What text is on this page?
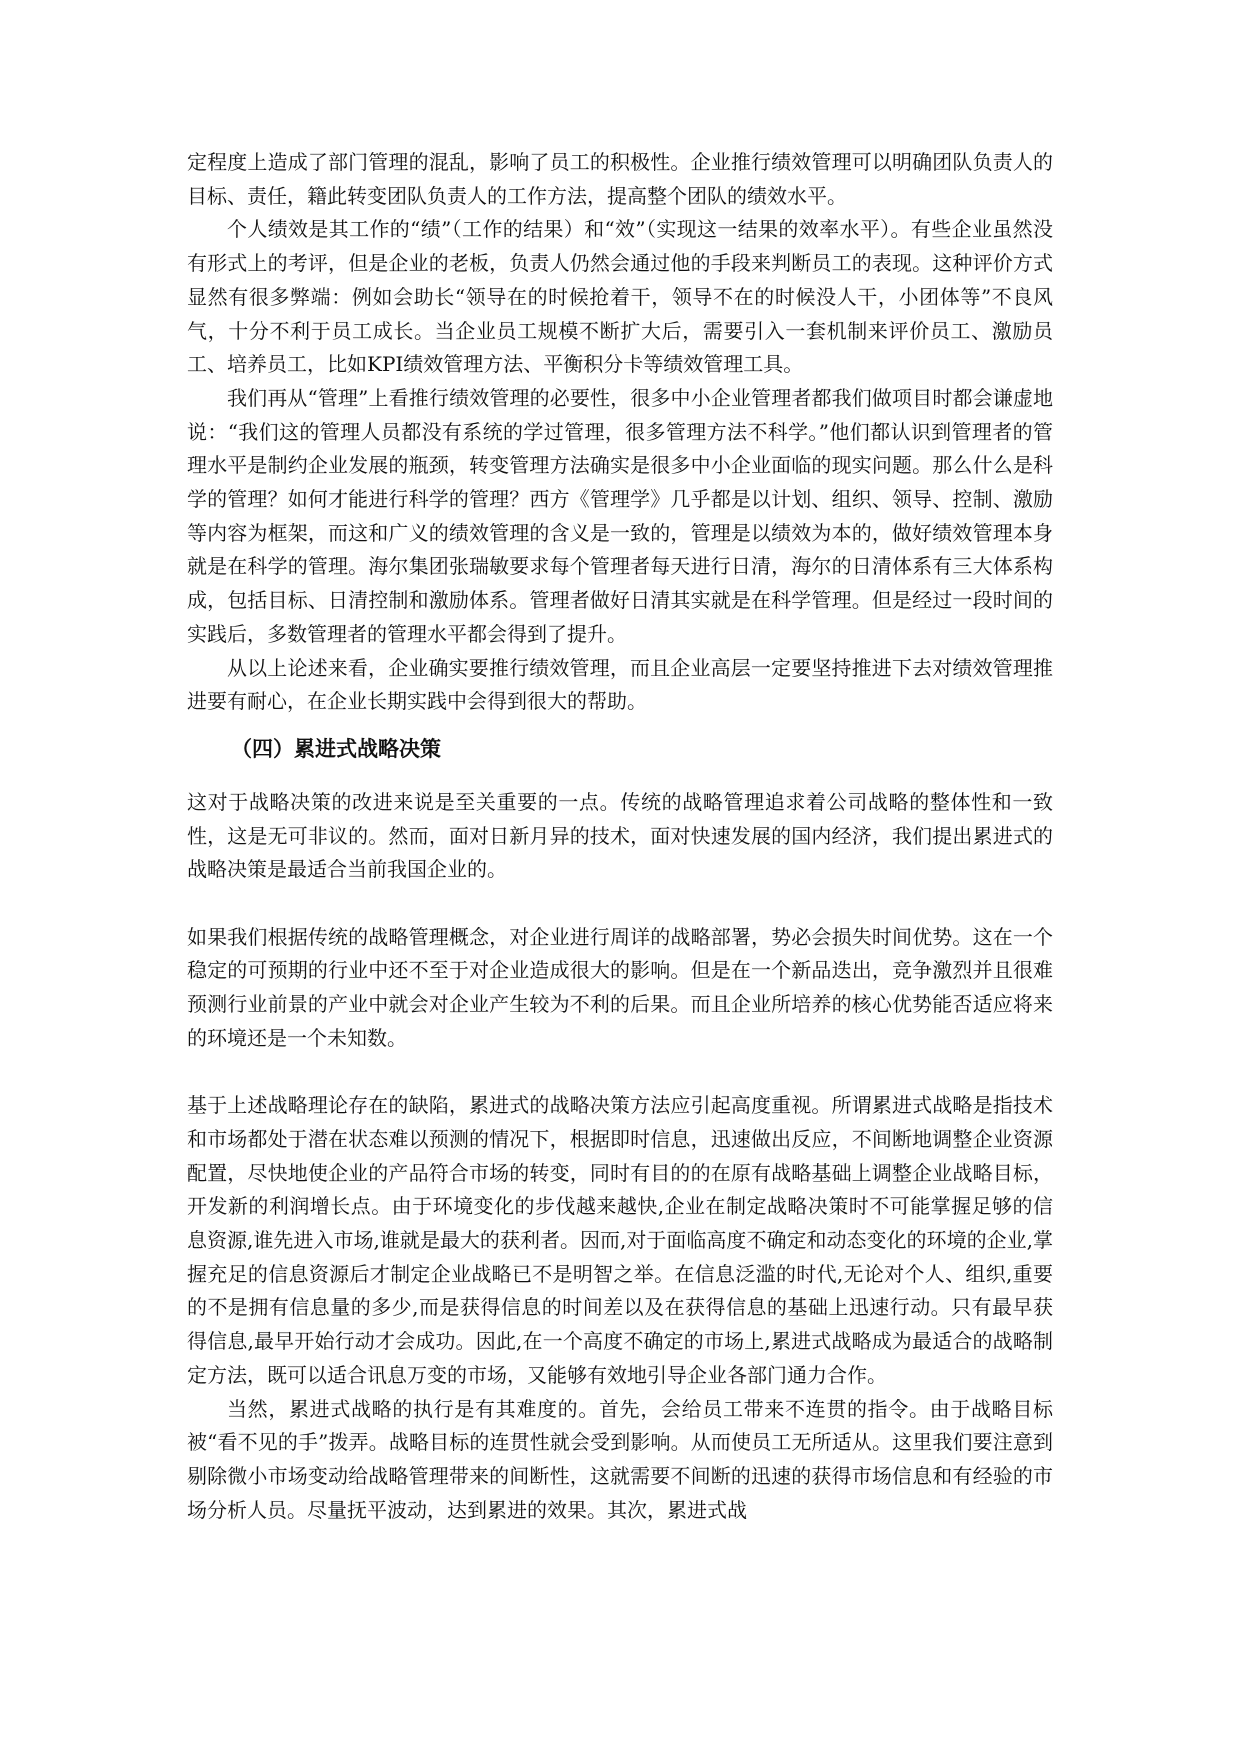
定程度上造成了部门管理的混乱，影响了员工的积极性。企业推行绩效管理可以明确团队负责人的目标、责任，籍此转变团队负责人的工作方法，提高整个团队的绩效水平。

个人绩效是其工作的“绩”（工作的结果）和“效”（实现这一结果的效率水平）。有些企业虽然没有形式上的考评，但是企业的老板，负责人仍然会通过他的手段来判断员工的表现。这种评价方式显然有很多弊端：例如会助长“领导在的时候抢着干，领导不在的时候没人干，小团体等”不良风气，十分不利于员工成长。当企业员工规模不断扩大后，需要引入一套机制来评价员工、激励员工、培养员工，比如KPI绩效管理方法、平衡积分卡等绩效管理工具。

我们再从“管理”上看推行绩效管理的必要性，很多中小企业管理者都我们做项目时都会谦虚地说：“我们这的管理人员都没有系统的学过管理，很多管理方法不科学。”他们都认识到管理者的管理水平是制约企业发展的瓶颈，转变管理方法确实是很多中小企业面临的现实问题。那么什么是科学的管理？如何才能进行科学的管理？西方《管理学》几乎都是以计划、组织、领导、控制、激励等内容为框架，而这和广义的绩效管理的含义是一致的，管理是以绩效为本的，做好绩效管理本身就是在科学的管理。海尔集团张瑞敏要求每个管理者每天进行日清，海尔的日清体系有三大体系构成，包括目标、日清控制和激励体系。管理者做好日清其实就是在科学管理。但是经过一段时间的实践后，多数管理者的管理水平都会得到了提升。

从以上论述来看，企业确实要推行绩效管理，而且企业高层一定要坚持推进下去对绩效管理推进要有耐心，在企业长期实践中会得到很大的帮助。

（四）累进式战略决策

这对于战略决策的改进来说是至关重要的一点。传统的战略管理追求着公司战略的整体性和一致性，这是无可非议的。然而，面对日新月异的技术，面对快速发展的国内经济，我们提出累进式的战略决策是最适合当前我国企业的。

如果我们根据传统的战略管理概念，对企业进行周详的战略部署，势必会损失时间优势。这在一个稳定的可预期的行业中还不至于对企业造成很大的影响。但是在一个新品迭出，竞争激烈并且很难预测行业前景的产业中就会对企业产生较为不利的后果。而且企业所培养的核心优势能否适应将来的环境还是一个未知数。

基于上述战略理论存在的缺陷，累进式的战略决策方法应引起高度重视。所谓累进式战略是指技术和市场都处于潜在状态难以预测的情况下，根据即时信息，迅速做出反应，不间断地调整企业资源配置，尽快地使企业的产品符合市场的转变，同时有目的的在原有战略基础上调整企业战略目标，开发新的利润增长点。由于环境变化的步伐越来越快,企业在制定战略决策时不可能掌握足够的信息资源,谁先进入市场,谁就是最大的获利者。因而,对于面临高度不确定和动态变化的环境的企业,掌握充足的信息资源后才制定企业战略已不是明智之举。在信息泛滥的时代,无论对个人、组织,重要的不是拥有信息量的多少,而是获得信息的时间差以及在获得信息的基础上迅速行动。只有最早获得信息,最早开始行动才会成功。因此,在一个高度不确定的市场上,累进式战略成为最适合的战略制定方法，既可以适合讯息万变的市场，又能够有效地引导企业各部门通力合作。

当然，累进式战略的执行是有其难度的。首先，会给员工带来不连贯的指令。由于战略目标被“看不见的手”拨弄。战略目标的连贯性就会受到影响。从而使员工无所适从。这里我们要注意到剔除微小市场变动给战略管理带来的间断性，这就需要不间断的迅速的获得市场信息和有经验的市场分析人员。尽量抚平波动，达到累进的效果。其次，累进式战
